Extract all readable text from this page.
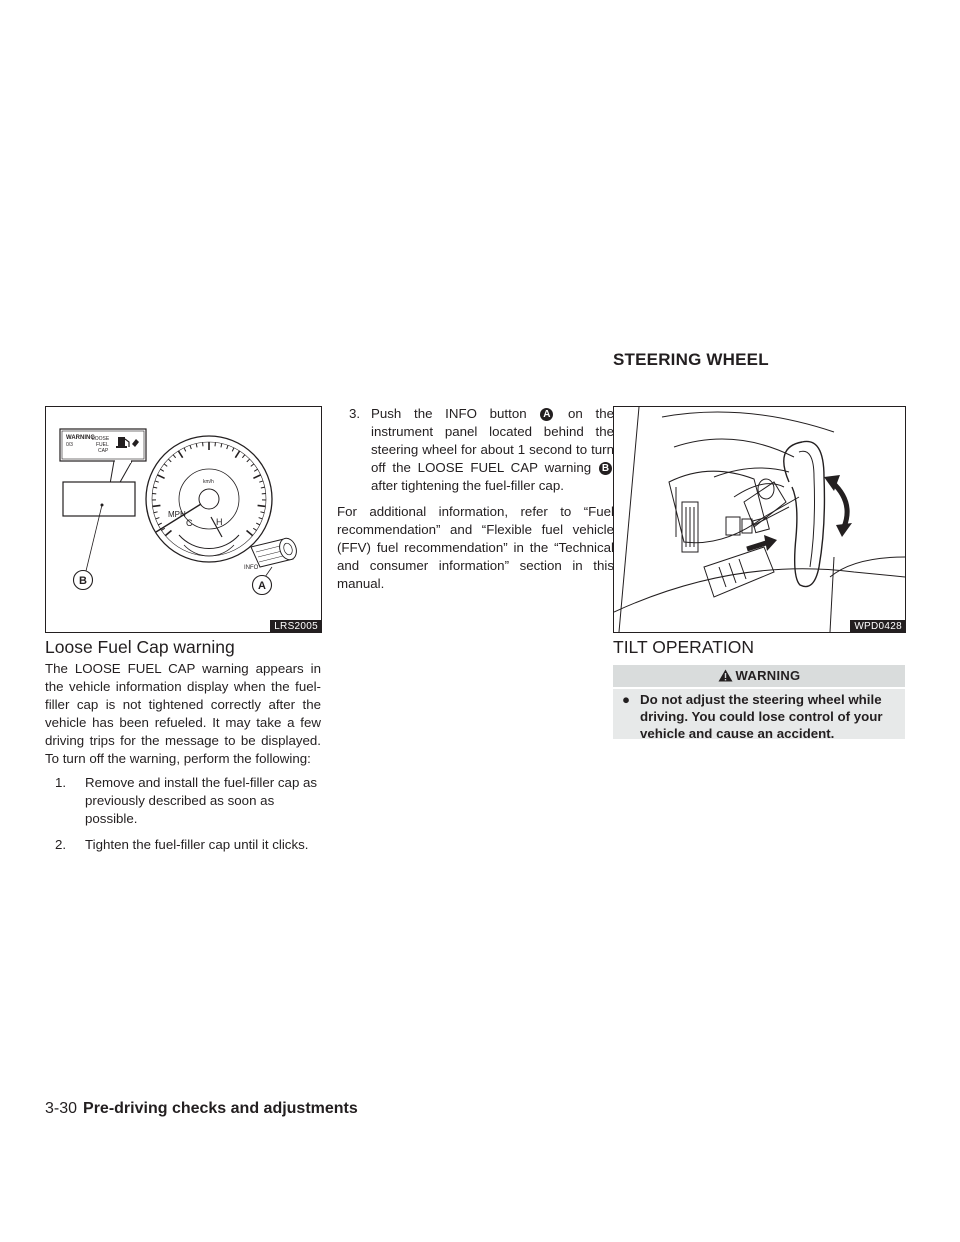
STEERING WHEEL
WARNING
0/3
LOOSE
FUEL
CAP
km/h
MPH
C	H
INFO
B	A
LRS2005	WPD0428
Loose Fuel Cap warning

The LOOSE FUEL CAP warning appears in the vehicle information display when the fuel-filler cap is not tightened correctly after the vehicle has been refueled. It may take a few driving trips for the message to be displayed. To turn off the warning, perform the following:

1. Remove and install the fuel-filler cap as previously described as soon as possible.
2. Tighten the fuel-filler cap until it clicks.
3. Push the INFO button A on the instrument panel located behind the steering wheel for about 1 second to turn off the LOOSE FUEL CAP warning B after tightening the fuel-filler cap.

For additional information, refer to “Fuel recommendation” and “Flexible fuel vehicle (FFV) fuel recommendation” in the “Technical and consumer information” section in this manual.

TILT OPERATION
WARNING
● Do not adjust the steering wheel while driving. You could lose control of your vehicle and cause an accident.
3-30 Pre-driving checks and adjustments
